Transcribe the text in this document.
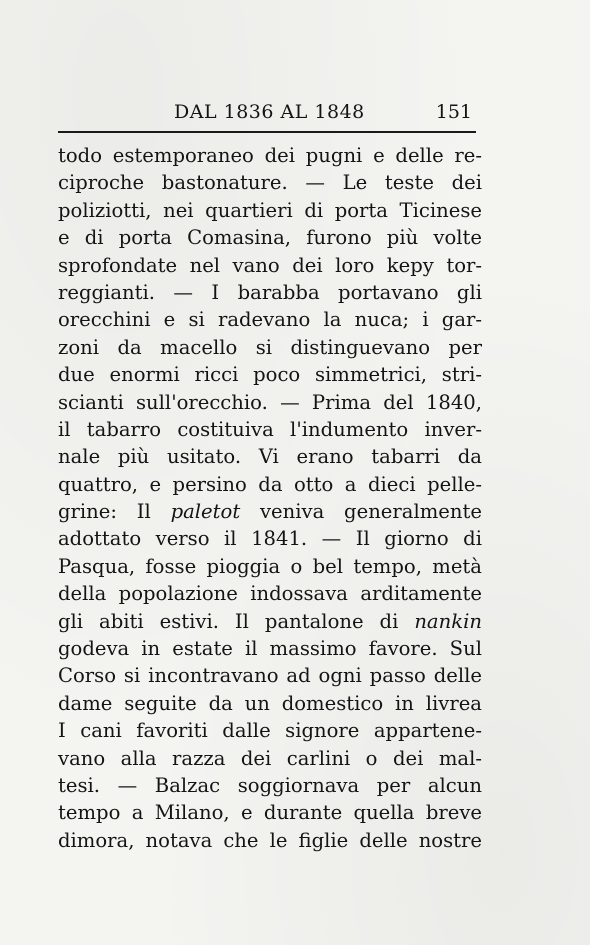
DAL 1836 AL 1848	151
todo estemporaneo dei pugni e delle re-
ciproche bastonature. — Le teste dei
poliziotti, nei quartieri di porta Ticinese
e di porta Comasina, furono più volte
sprofondate nel vano dei loro kepy tor-
reggianti. — I barabba portavano gli
orecchini e si radevano la nuca; i gar-
zoni da macello si distinguevano per
due enormi ricci poco simmetrici, stri-
scianti sull'orecchio. — Prima del 1840,
il tabarro costituiva l'indumento inver-
nale più usitato. Vi erano tabarri da
quattro, e persino da otto a dieci pelle-
grine: Il paletot veniva generalmente
adottato verso il 1841. — Il giorno di
Pasqua, fosse pioggia o bel tempo, metà
della popolazione indossava arditamente
gli abiti estivi. Il pantalone di nankin
godeva in estate il massimo favore. Sul
Corso si incontravano ad ogni passo delle
dame seguite da un domestico in livrea
I cani favoriti dalle signore appartene-
vano alla razza dei carlini o dei mal-
tesi. — Balzac soggiornava per alcun
tempo a Milano, e durante quella breve
dimora, notava che le figlie delle nostre
